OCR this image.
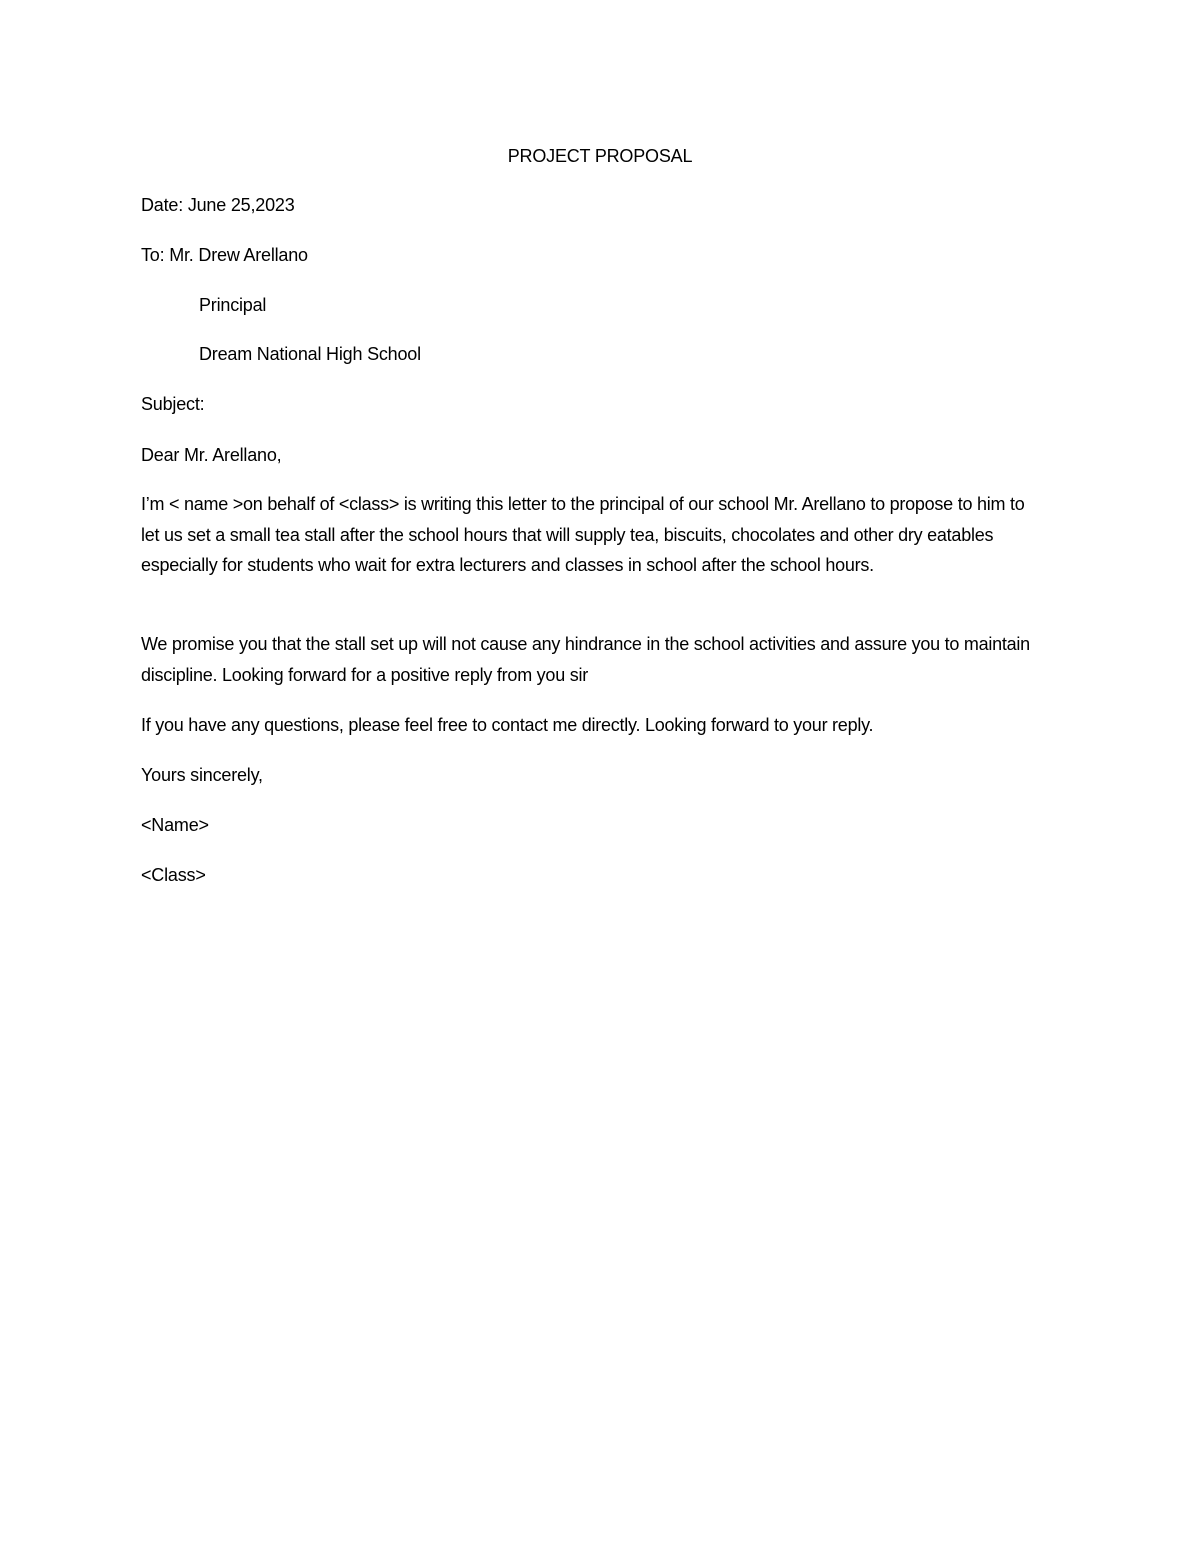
PROJECT PROPOSAL
Date: June 25,2023
To: Mr. Drew Arellano
Principal
Dream National High School
Subject:
Dear Mr. Arellano,
I’m < name >on behalf of <class> is writing this letter to the principal of our school Mr. Arellano to propose to him to let us set a small tea stall after the school hours that will supply tea, biscuits, chocolates and other dry eatables especially for students who wait for extra lecturers and classes in school after the school hours.
We promise you that the stall set up will not cause any hindrance in the school activities and assure you to maintain discipline. Looking forward for a positive reply from you sir
If you have any questions, please feel free to contact me directly. Looking forward to your reply.
Yours sincerely,
<Name>
<Class>
